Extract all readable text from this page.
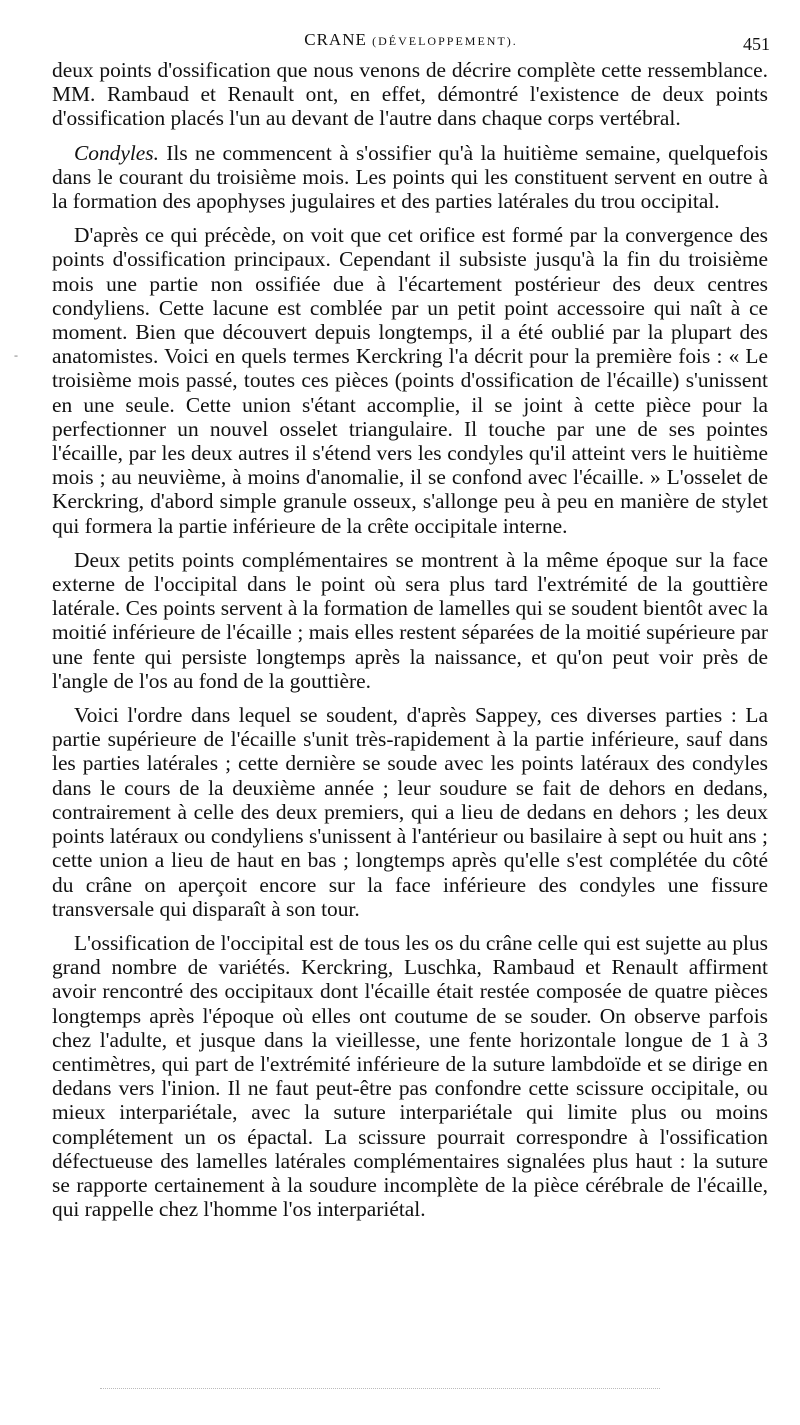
CRANE (DÉVELOPPEMENT).	451
-

deux points d'ossification que nous venons de décrire complète cette ressemblance. MM. Rambaud et Renault ont, en effet, démontré l'existence de deux points d'ossification placés l'un au devant de l'autre dans chaque corps vertébral.

Condyles. Ils ne commencent à s'ossifier qu'à la huitième semaine, quelquefois dans le courant du troisième mois. Les points qui les constituent servent en outre à la formation des apophyses jugulaires et des parties latérales du trou occipital.

D'après ce qui précède, on voit que cet orifice est formé par la convergence des points d'ossification principaux. Cependant il subsiste jusqu'à la fin du troisième mois une partie non ossifiée due à l'écartement postérieur des deux centres condyliens. Cette lacune est comblée par un petit point accessoire qui naît à ce moment. Bien que découvert depuis longtemps, il a été oublié par la plupart des anatomistes. Voici en quels termes Kerckring l'a décrit pour la première fois : « Le troisième mois passé, toutes ces pièces (points d'ossification de l'écaille) s'unissent en une seule. Cette union s'étant accomplie, il se joint à cette pièce pour la perfectionner un nouvel osselet triangulaire. Il touche par une de ses pointes l'écaille, par les deux autres il s'étend vers les condyles qu'il atteint vers le huitième mois ; au neuvième, à moins d'anomalie, il se confond avec l'écaille. » L'osselet de Kerckring, d'abord simple granule osseux, s'allonge peu à peu en manière de stylet qui formera la partie inférieure de la crête occipitale interne.

Deux petits points complémentaires se montrent à la même époque sur la face externe de l'occipital dans le point où sera plus tard l'extrémité de la gouttière latérale. Ces points servent à la formation de lamelles qui se soudent bientôt avec la moitié inférieure de l'écaille ; mais elles restent séparées de la moitié supérieure par une fente qui persiste longtemps après la naissance, et qu'on peut voir près de l'angle de l'os au fond de la gouttière.

Voici l'ordre dans lequel se soudent, d'après Sappey, ces diverses parties : La partie supérieure de l'écaille s'unit très-rapidement à la partie inférieure, sauf dans les parties latérales ; cette dernière se soude avec les points latéraux des condyles dans le cours de la deuxième année ; leur soudure se fait de dehors en dedans, contrairement à celle des deux premiers, qui a lieu de dedans en dehors ; les deux points latéraux ou condyliens s'unissent à l'antérieur ou basilaire à sept ou huit ans ; cette union a lieu de haut en bas ; longtemps après qu'elle s'est complétée du côté du crâne on aperçoit encore sur la face inférieure des condyles une fissure transversale qui disparaît à son tour.

L'ossification de l'occipital est de tous les os du crâne celle qui est sujette au plus grand nombre de variétés. Kerckring, Luschka, Rambaud et Renault affirment avoir rencontré des occipitaux dont l'écaille était restée composée de quatre pièces longtemps après l'époque où elles ont coutume de se souder. On observe parfois chez l'adulte, et jusque dans la vieillesse, une fente horizontale longue de 1 à 3 centimètres, qui part de l'extrémité inférieure de la suture lambdoïde et se dirige en dedans vers l'inion. Il ne faut peut-être pas confondre cette scissure occipitale, ou mieux interpariétale, avec la suture interpariétale qui limite plus ou moins complétement un os épactal. La scissure pourrait correspondre à l'ossification défectueuse des lamelles latérales complémentaires signalées plus haut : la suture se rapporte certainement à la soudure incomplète de la pièce cérébrale de l'écaille, qui rappelle chez l'homme l'os interpariétal.
